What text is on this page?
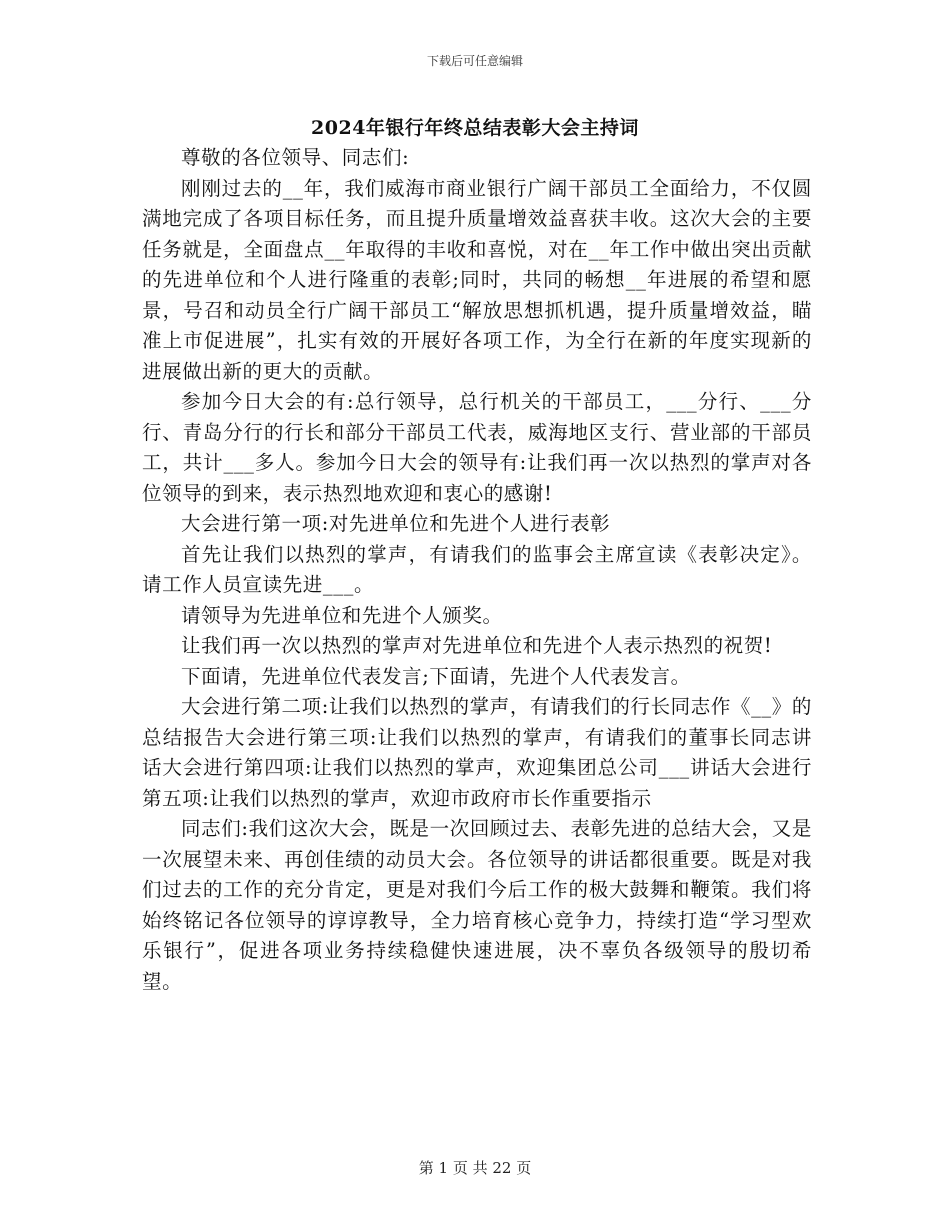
下载后可任意编辑
2024年银行年终总结表彰大会主持词

尊敬的各位领导、同志们:

刚刚过去的__年，我们威海市商业银行广阔干部员工全面给力，不仅圆满地完成了各项目标任务，而且提升质量增效益喜获丰收。这次大会的主要任务就是，全面盘点__年取得的丰收和喜悦，对在__年工作中做出突出贡献的先进单位和个人进行隆重的表彰;同时，共同的畅想__年进展的希望和愿景，号召和动员全行广阔干部员工“解放思想抓机遇，提升质量增效益，瞄准上市促进展”，扎实有效的开展好各项工作，为全行在新的年度实现新的进展做出新的更大的贡献。

参加今日大会的有:总行领导，总行机关的干部员工，___分行、___分行、青岛分行的行长和部分干部员工代表，威海地区支行、营业部的干部员工，共计___多人。参加今日大会的领导有:让我们再一次以热烈的掌声对各位领导的到来，表示热烈地欢迎和衷心的感谢!

大会进行第一项:对先进单位和先进个人进行表彰

首先让我们以热烈的掌声，有请我们的监事会主席宣读《表彰决定》。请工作人员宣读先进___。

请领导为先进单位和先进个人颁奖。

让我们再一次以热烈的掌声对先进单位和先进个人表示热烈的祝贺!

下面请，先进单位代表发言;下面请，先进个人代表发言。

大会进行第二项:让我们以热烈的掌声，有请我们的行长同志作《__》的总结报告大会进行第三项:让我们以热烈的掌声，有请我们的董事长同志讲话大会进行第四项:让我们以热烈的掌声，欢迎集团总公司___讲话大会进行第五项:让我们以热烈的掌声，欢迎市政府市长作重要指示

同志们:我们这次大会，既是一次回顾过去、表彰先进的总结大会，又是一次展望未来、再创佳绩的动员大会。各位领导的讲话都很重要。既是对我们过去的工作的充分肯定，更是对我们今后工作的极大鼓舞和鞭策。我们将始终铭记各位领导的谆谆教导，全力培育核心竞争力，持续打造“学习型欢乐银行”，促进各项业务持续稳健快速进展，决不辜负各级领导的殷切希望。

第 1 页 共 22 页
